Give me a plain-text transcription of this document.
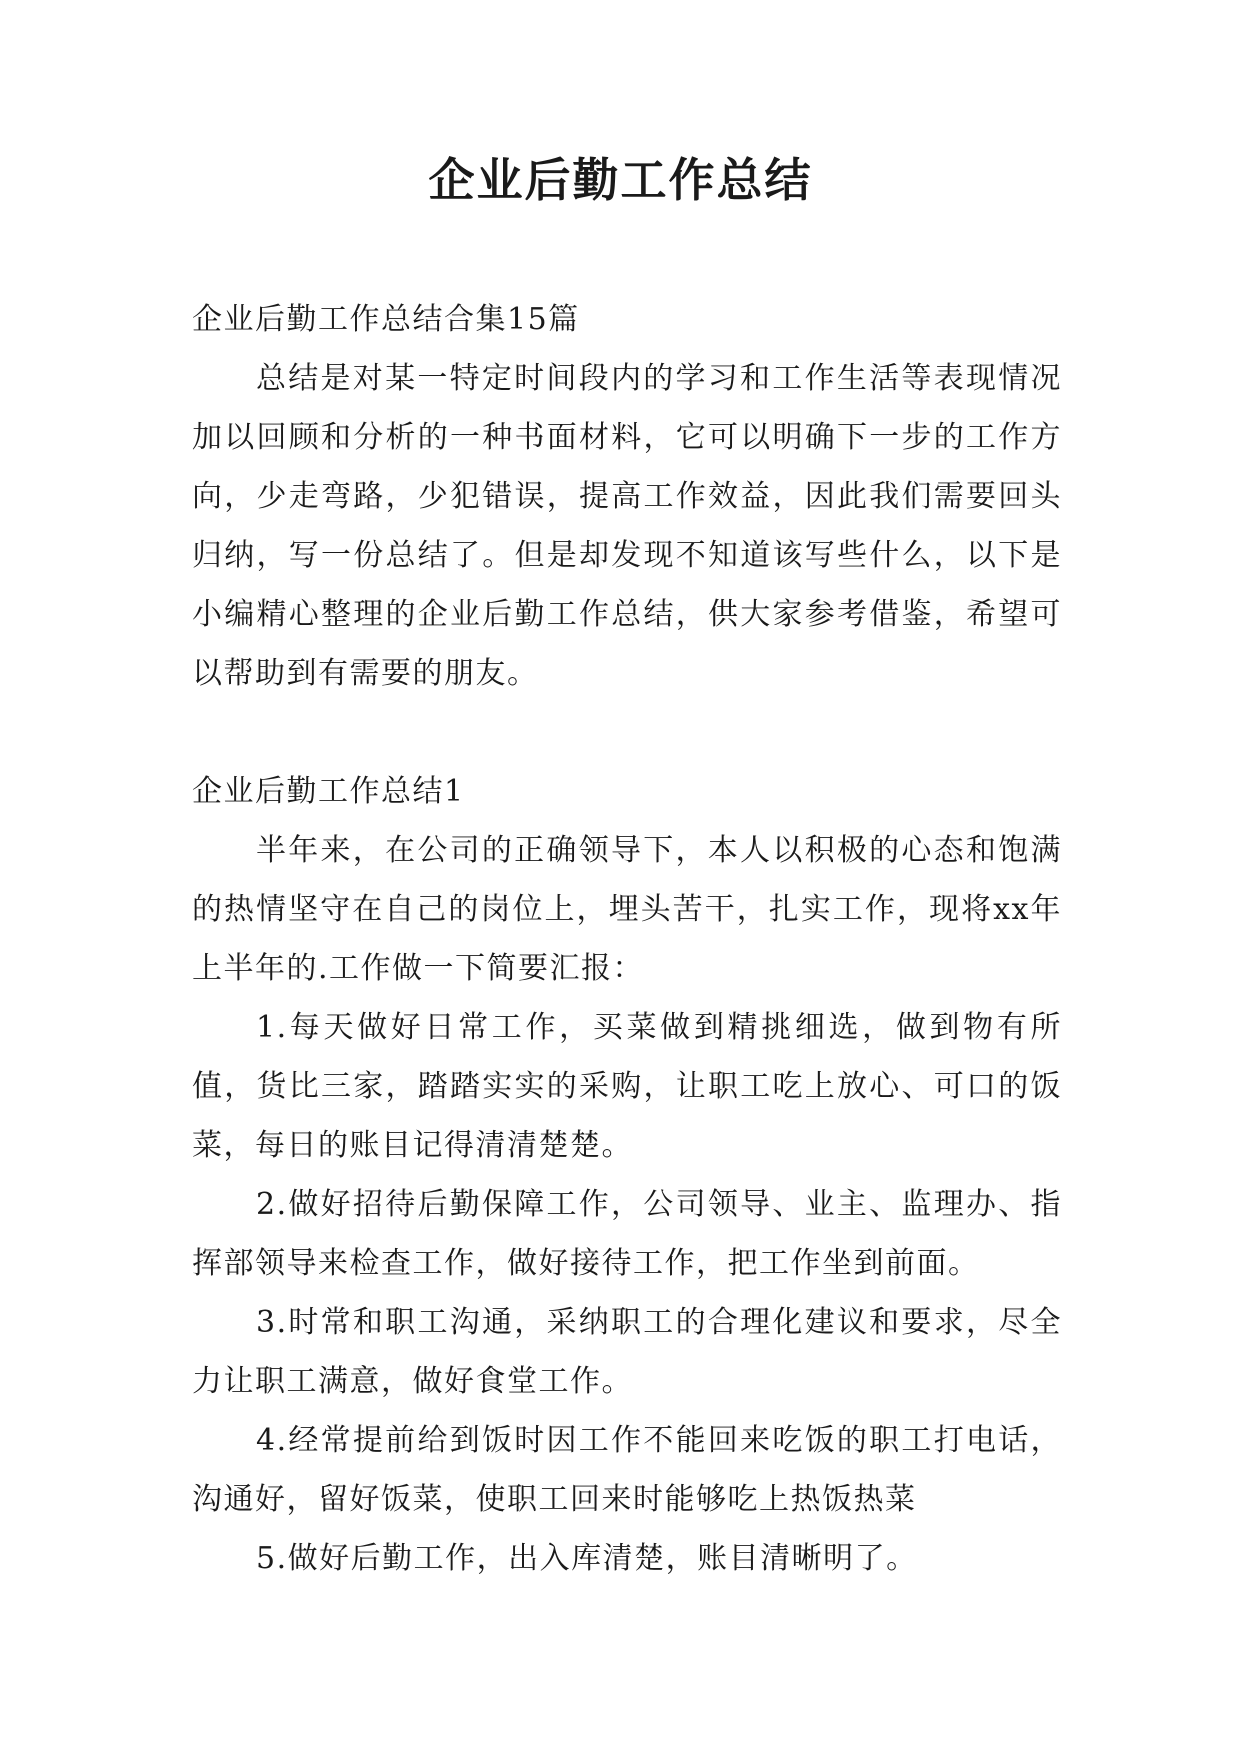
企业后勤工作总结

企业后勤工作总结合集15篇

总结是对某一特定时间段内的学习和工作生活等表现情况加以回顾和分析的一种书面材料，它可以明确下一步的工作方向，少走弯路，少犯错误，提高工作效益，因此我们需要回头归纳，写一份总结了。但是却发现不知道该写些什么，以下是小编精心整理的企业后勤工作总结，供大家参考借鉴，希望可以帮助到有需要的朋友。

企业后勤工作总结1

半年来，在公司的正确领导下，本人以积极的心态和饱满的热情坚守在自己的岗位上，埋头苦干，扎实工作，现将xx年上半年的.工作做一下简要汇报：

1.每天做好日常工作，买菜做到精挑细选，做到物有所值，货比三家，踏踏实实的采购，让职工吃上放心、可口的饭菜，每日的账目记得清清楚楚。

2.做好招待后勤保障工作，公司领导、业主、监理办、指挥部领导来检查工作，做好接待工作，把工作坐到前面。

3.时常和职工沟通，采纳职工的合理化建议和要求，尽全力让职工满意，做好食堂工作。

4.经常提前给到饭时因工作不能回来吃饭的职工打电话，沟通好，留好饭菜，使职工回来时能够吃上热饭热菜

5.做好后勤工作，出入库清楚，账目清晰明了。
